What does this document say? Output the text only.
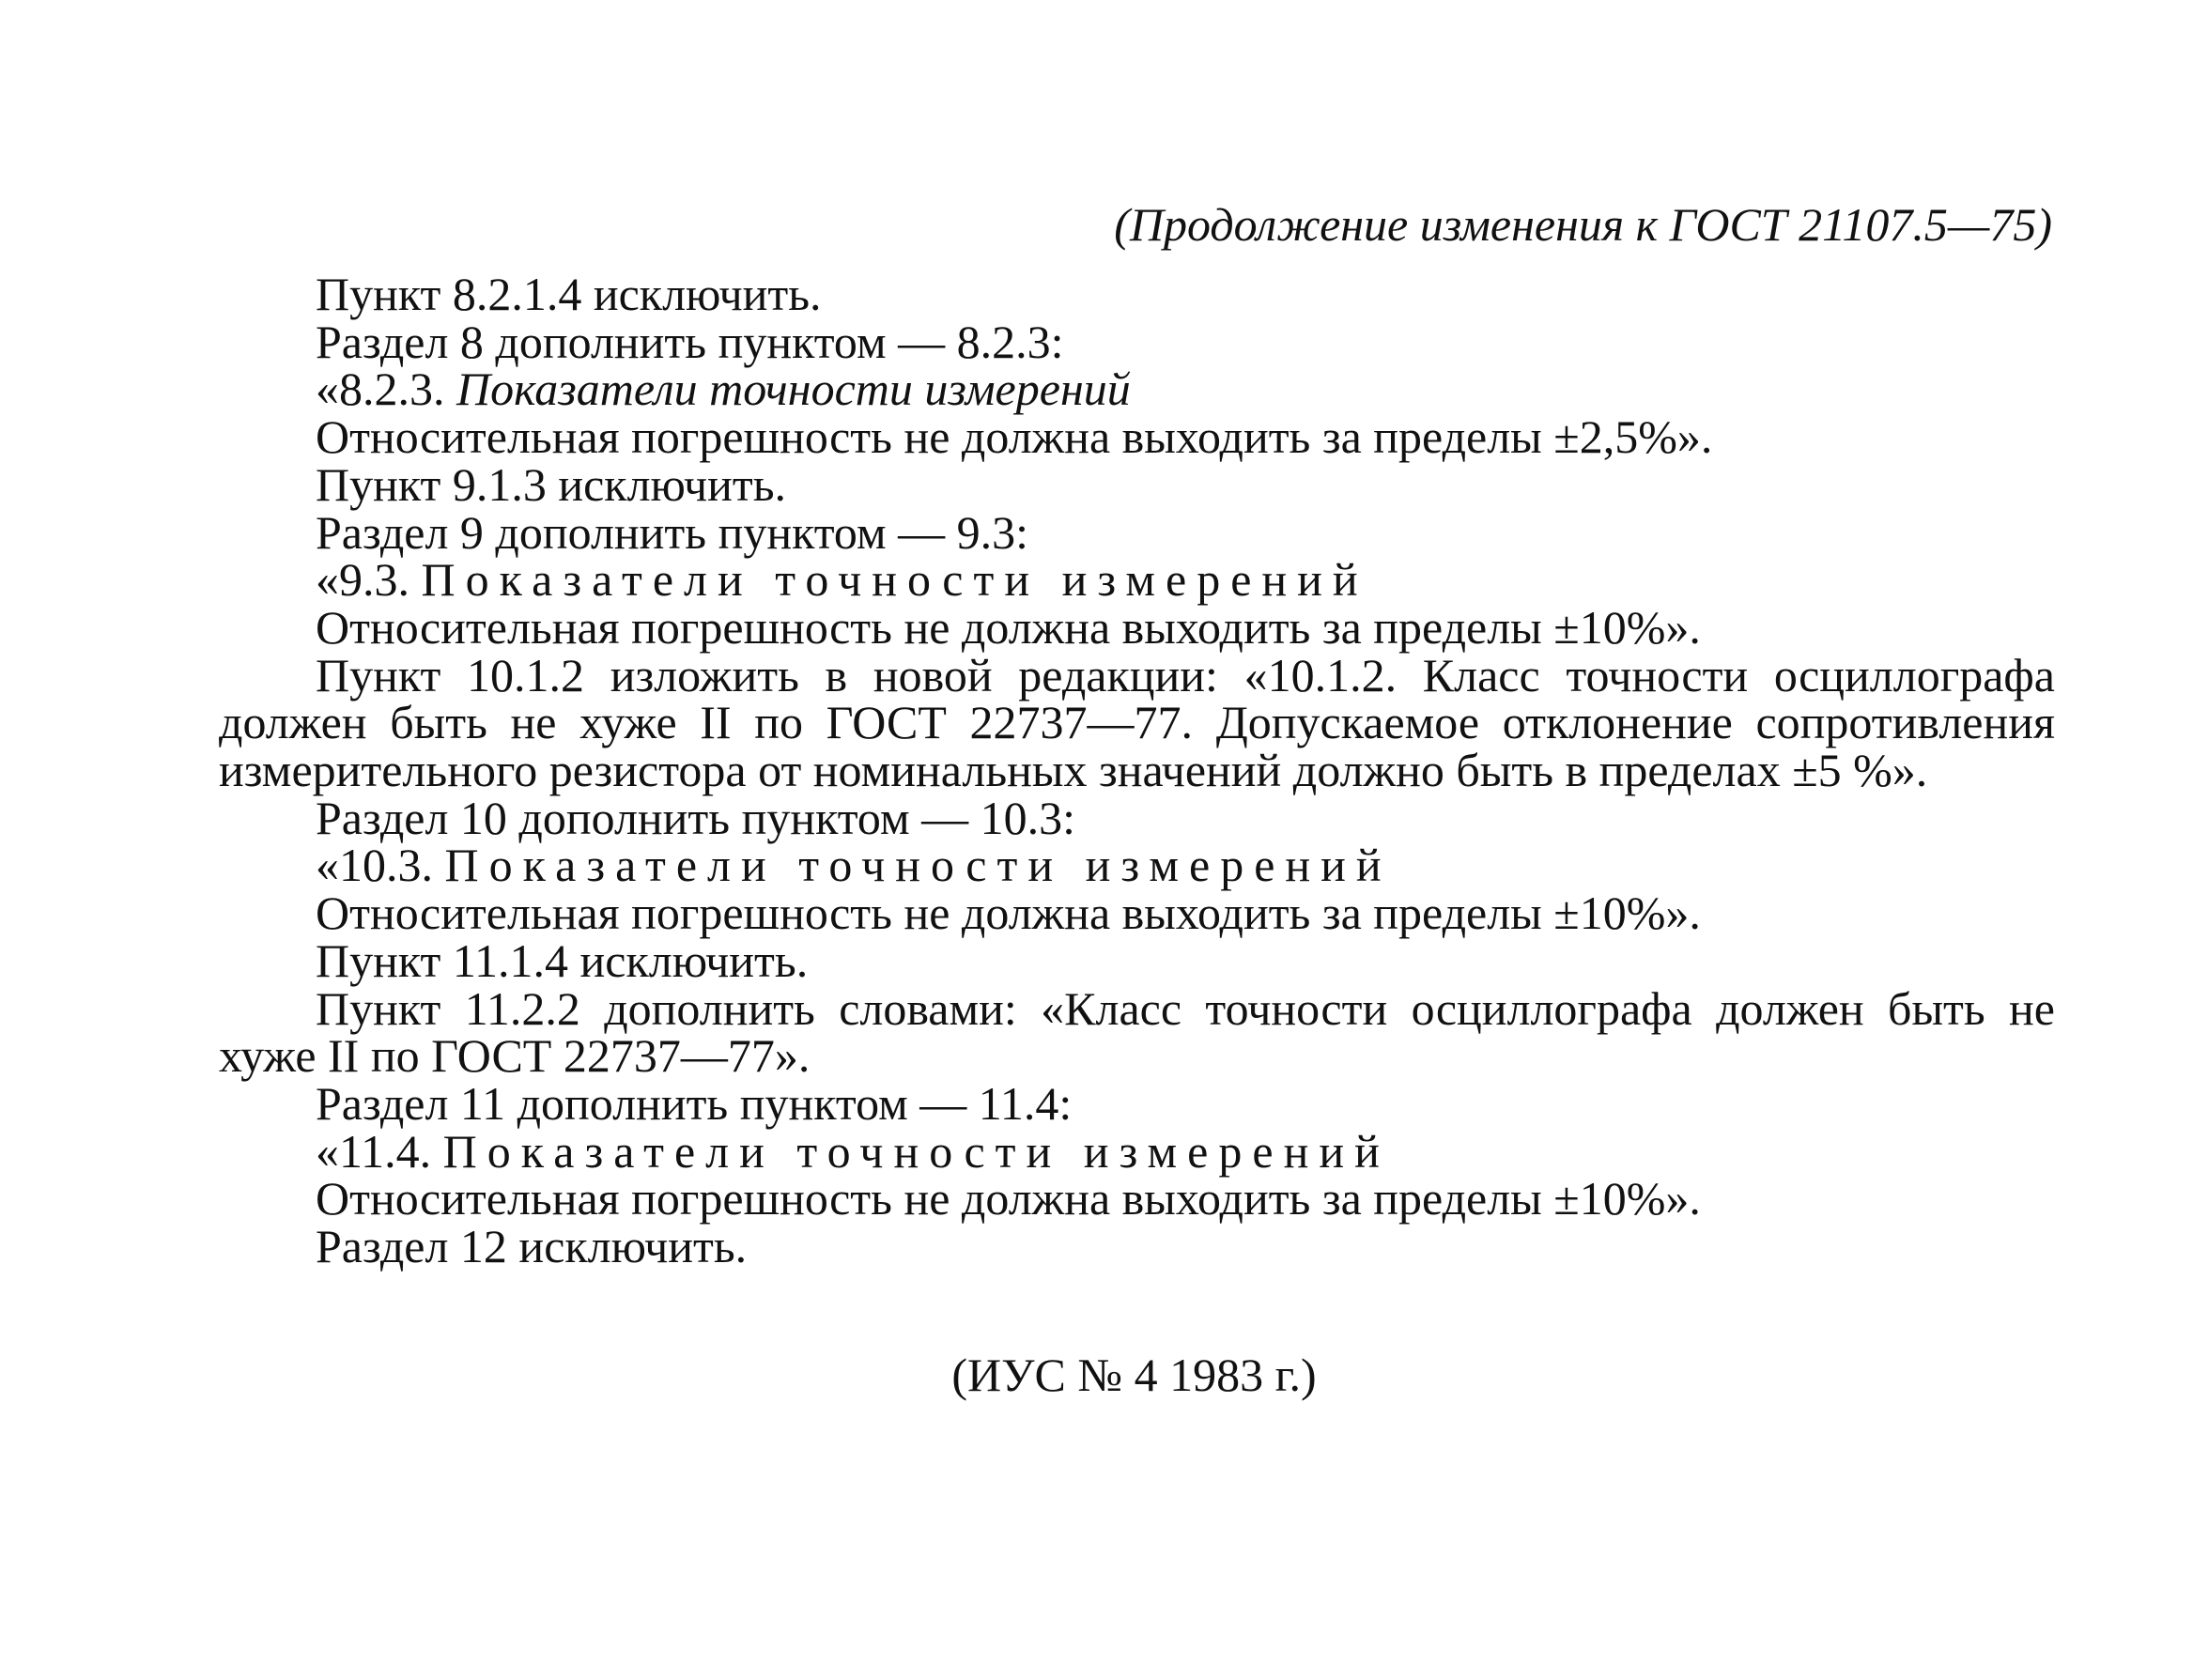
(Продолжение изменения к ГОСТ 21107.5—75)
Пункт 8.2.1.4 исключить.
Раздел 8 дополнить пунктом — 8.2.3:
«8.2.3. Показатели точности измерений
Относительная погрешность не должна выходить за пределы ±2,5%».
Пункт 9.1.3 исключить.
Раздел 9 дополнить пунктом — 9.3:
«9.3. Показатели точности измерений
Относительная погрешность не должна выходить за пределы ±10%».
Пункт 10.1.2 изложить в новой редакции: «10.1.2. Класс точности осциллографа должен быть не хуже II по ГОСТ 22737—77. Допускаемое отклонение сопротивления измерительного резистора от номинальных значений должно быть в пределах ±5 %».
Раздел 10 дополнить пунктом — 10.3:
«10.3. Показатели точности измерений
Относительная погрешность не должна выходить за пределы ±10%».
Пункт 11.1.4 исключить.
Пункт 11.2.2 дополнить словами: «Класс точности осциллографа должен быть не хуже II по ГОСТ 22737—77».
Раздел 11 дополнить пунктом — 11.4:
«11.4. Показатели точности измерений
Относительная погрешность не должна выходить за пределы ±10%».
Раздел 12 исключить.
(ИУС № 4 1983 г.)
